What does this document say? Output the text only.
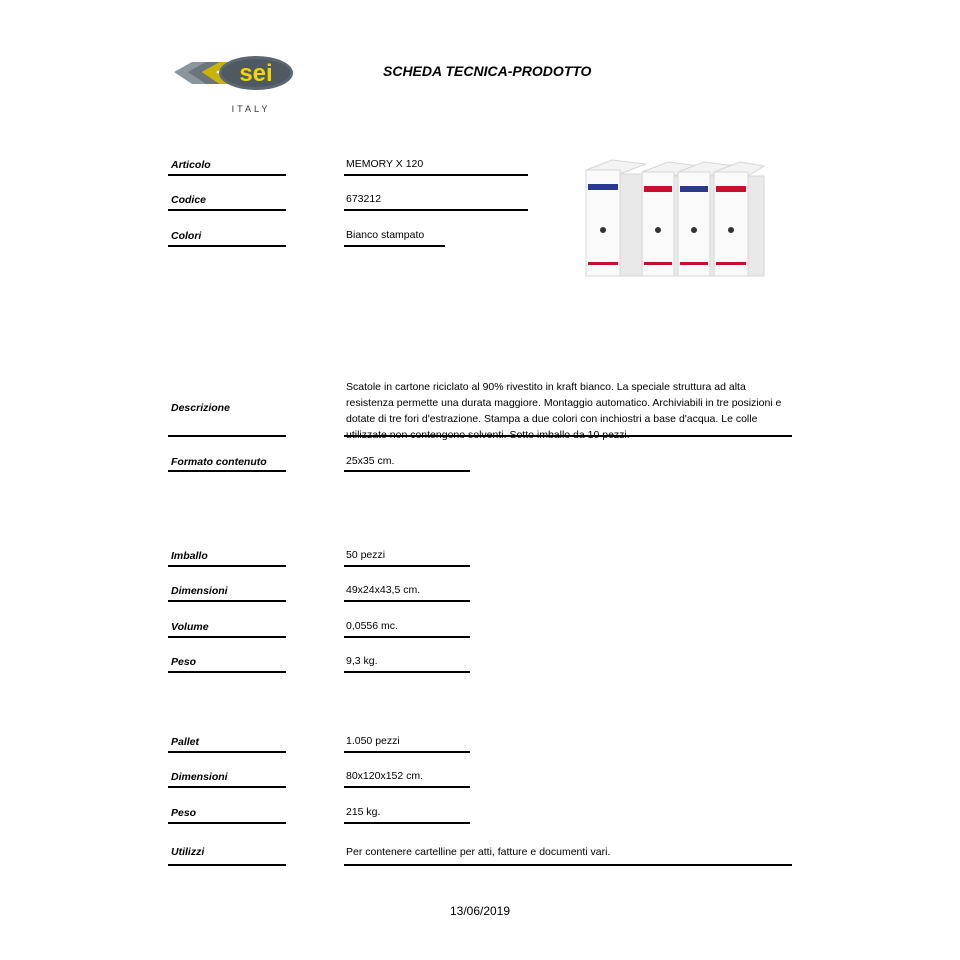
sei
ITALY
SCHEDA TECNICA-PRODOTTO
Articolo	MEMORY X 120
Codice	673212
Colori	Bianco stampato
Descrizione
Scatole in cartone riciclato al 90% rivestito in kraft bianco. La speciale struttura ad alta resistenza permette una durata maggiore. Montaggio automatico. Archiviabili in tre posizioni e dotate di tre fori d'estrazione. Stampa a due colori con inchiostri a base d'acqua. Le colle
Formato contenuto	25x35 cm.
Imballo	50 pezzi
Dimensioni	49x24x43,5 cm.
Volume	0,0556 mc.
Peso	9,3 kg.
Pallet	1.050 pezzi
Dimensioni	80x120x152 cm.
Peso	215 kg.
Utilizzi	Per contenere cartelline per atti, fatture e documenti vari.
13/06/2019
